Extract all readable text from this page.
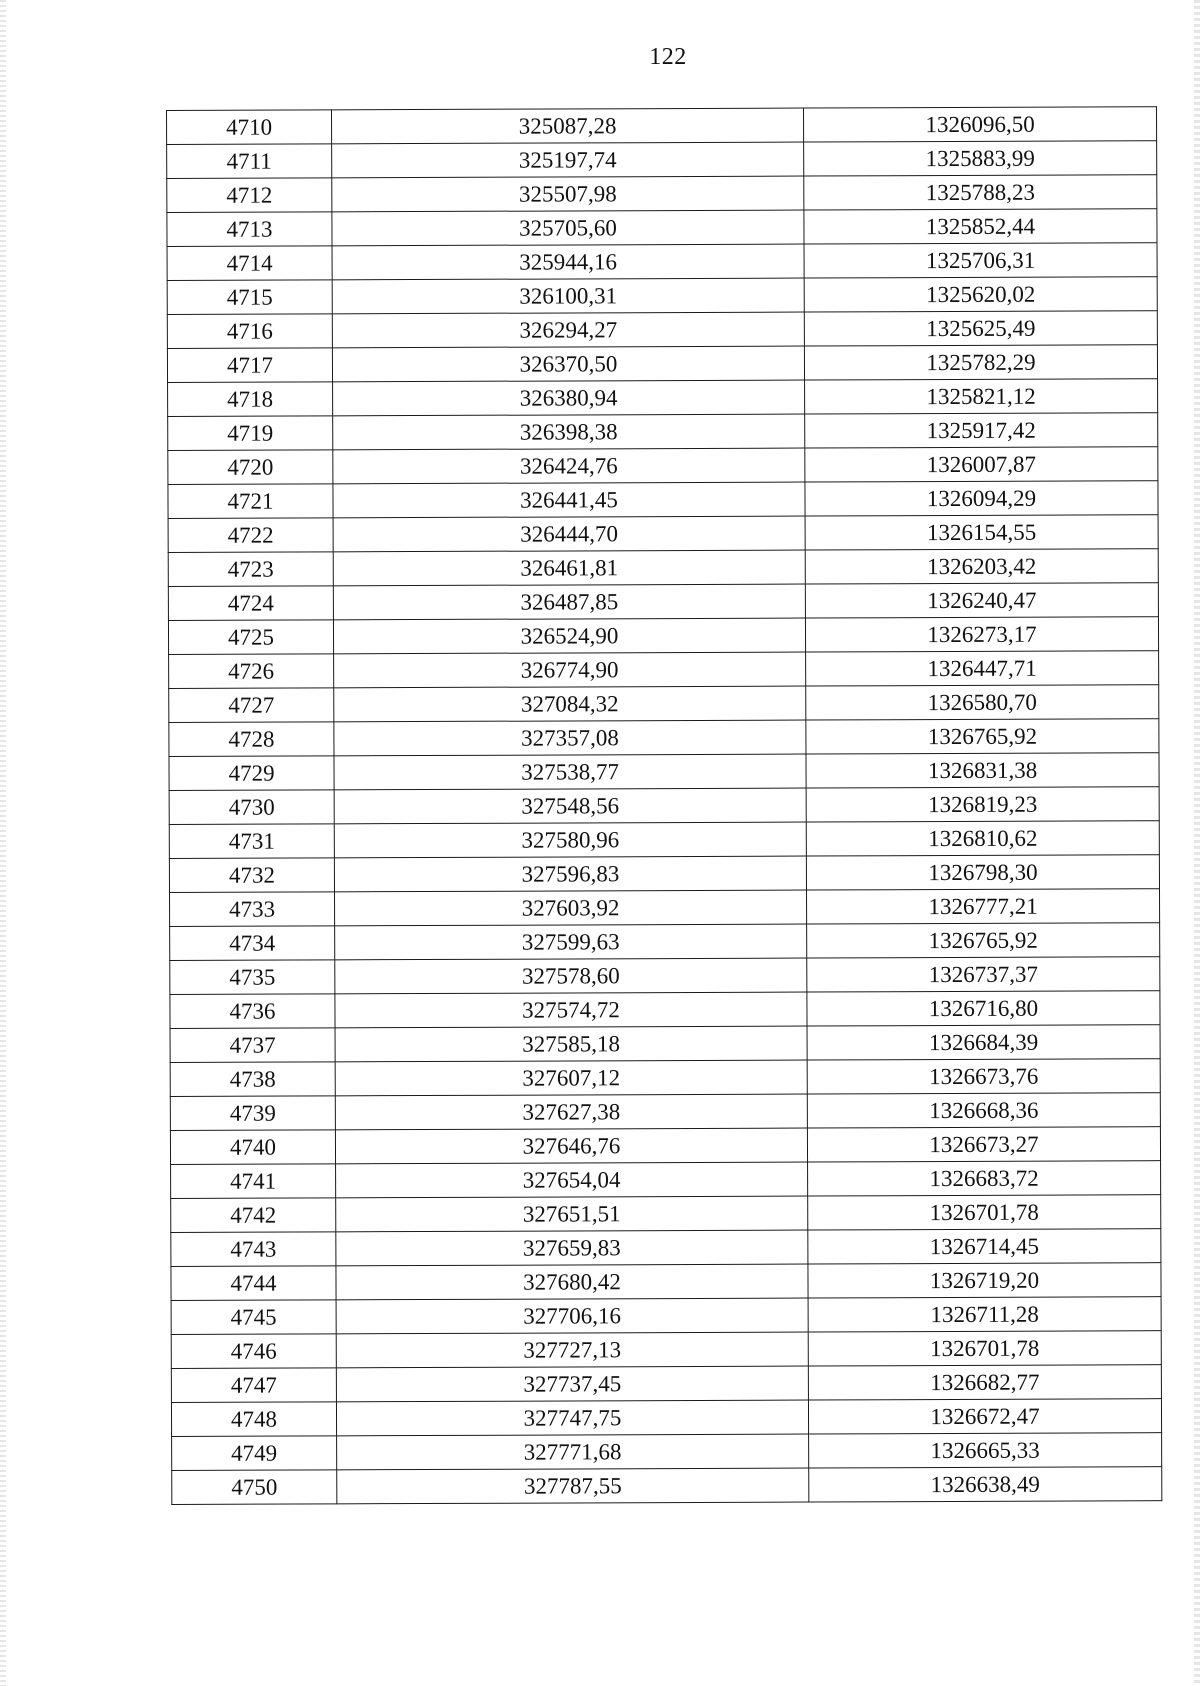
122
4710	325087,28	1326096,50
4711	325197,74	1325883,99
4712	325507,98	1325788,23
4713	325705,60	1325852,44
4714	325944,16	1325706,31
4715	326100,31	1325620,02
4716	326294,27	1325625,49
4717	326370,50	1325782,29
4718	326380,94	1325821,12
4719	326398,38	1325917,42
4720	326424,76	1326007,87
4721	326441,45	1326094,29
4722	326444,70	1326154,55
4723	326461,81	1326203,42
4724	326487,85	1326240,47
4725	326524,90	1326273,17
4726	326774,90	1326447,71
4727	327084,32	1326580,70
4728	327357,08	1326765,92
4729	327538,77	1326831,38
4730	327548,56	1326819,23
4731	327580,96	1326810,62
4732	327596,83	1326798,30
4733	327603,92	1326777,21
4734	327599,63	1326765,92
4735	327578,60	1326737,37
4736	327574,72	1326716,80
4737	327585,18	1326684,39
4738	327607,12	1326673,76
4739	327627,38	1326668,36
4740	327646,76	1326673,27
4741	327654,04	1326683,72
4742	327651,51	1326701,78
4743	327659,83	1326714,45
4744	327680,42	1326719,20
4745	327706,16	1326711,28
4746	327727,13	1326701,78
4747	327737,45	1326682,77
4748	327747,75	1326672,47
4749	327771,68	1326665,33
4750	327787,55	1326638,49
